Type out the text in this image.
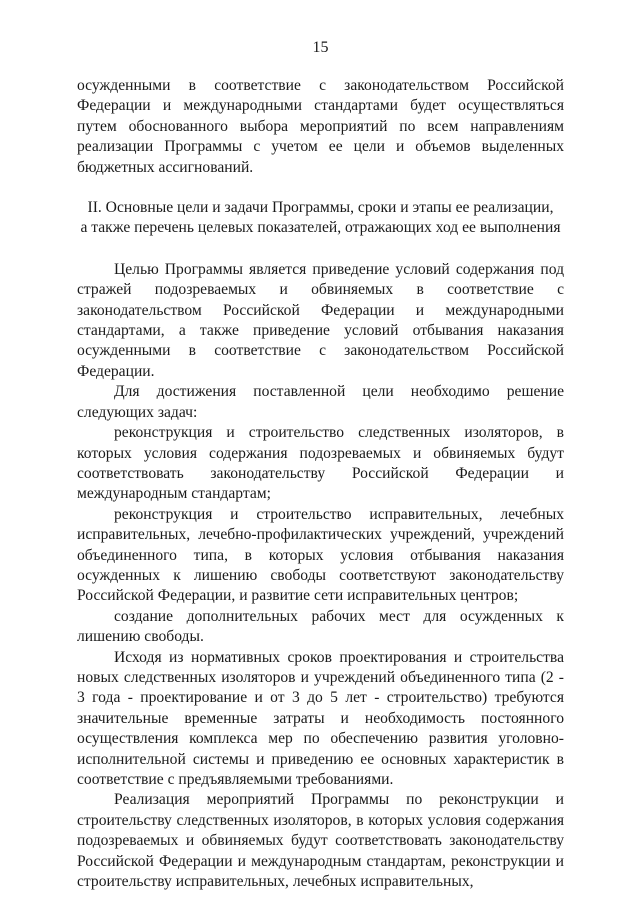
15

осужденными в соответствие с законодательством Российской Федерации и международными стандартами будет осуществляться путем обоснованного выбора мероприятий по всем направлениям реализации Программы с учетом ее цели и объемов выделенных бюджетных ассигнований.

II. Основные цели и задачи Программы, сроки и этапы ее реализации,
а также перечень целевых показателей, отражающих ход ее выполнения

Целью Программы является приведение условий содержания под стражей подозреваемых и обвиняемых в соответствие с законодательством Российской Федерации и международными стандартами, а также приведение условий отбывания наказания осужденными в соответствие с законодательством Российской Федерации.

Для достижения поставленной цели необходимо решение следующих задач:

реконструкция и строительство следственных изоляторов, в которых условия содержания подозреваемых и обвиняемых будут соответствовать законодательству Российской Федерации и международным стандартам;

реконструкция и строительство исправительных, лечебных исправительных, лечебно-профилактических учреждений, учреждений объединенного типа, в которых условия отбывания наказания осужденных к лишению свободы соответствуют законодательству Российской Федерации, и развитие сети исправительных центров;

создание дополнительных рабочих мест для осужденных к лишению свободы.

Исходя из нормативных сроков проектирования и строительства новых следственных изоляторов и учреждений объединенного типа (2 - 3 года - проектирование и от 3 до 5 лет - строительство) требуются значительные временные затраты и необходимость постоянного осуществления комплекса мер по обеспечению развития уголовно-исполнительной системы и приведению ее основных характеристик в соответствие с предъявляемыми требованиями.

Реализация мероприятий Программы по реконструкции и строительству следственных изоляторов, в которых условия содержания подозреваемых и обвиняемых будут соответствовать законодательству Российской Федерации и международным стандартам, реконструкции и строительству исправительных, лечебных исправительных,
